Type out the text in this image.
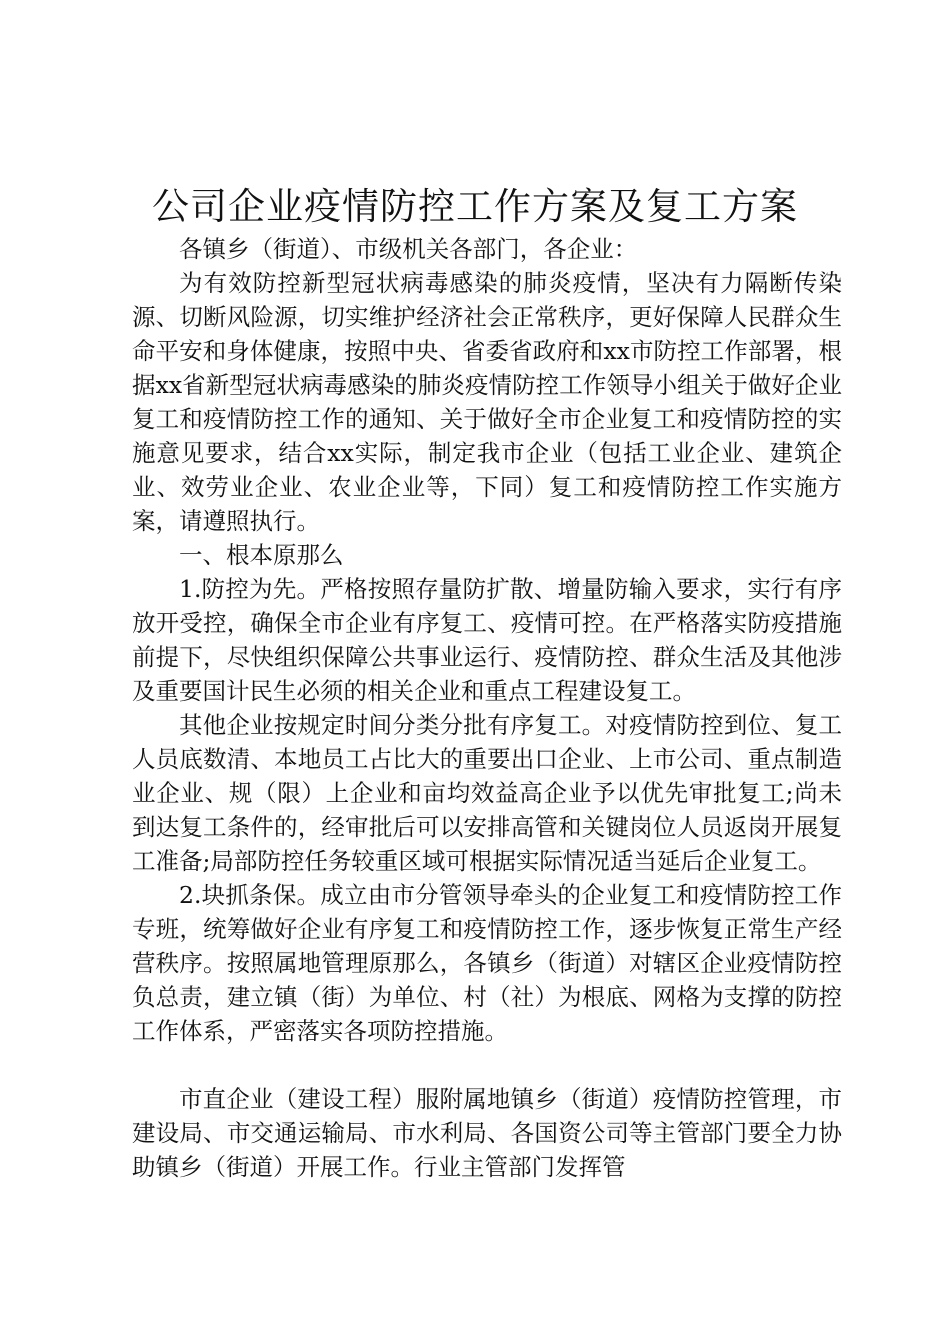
公司企业疫情防控工作方案及复工方案

各镇乡（街道）、市级机关各部门，各企业：

为有效防控新型冠状病毒感染的肺炎疫情，坚决有力隔断传染源、切断风险源，切实维护经济社会正常秩序，更好保障人民群众生命平安和身体健康，按照中央、省委省政府和xx市防控工作部署，根据xx省新型冠状病毒感染的肺炎疫情防控工作领导小组关于做好企业复工和疫情防控工作的通知、关于做好全市企业复工和疫情防控的实施意见要求，结合xx实际，制定我市企业（包括工业企业、建筑企业、效劳业企业、农业企业等，下同）复工和疫情防控工作实施方案，请遵照执行。

一、根本原那么

1.防控为先。严格按照存量防扩散、增量防输入要求，实行有序放开受控，确保全市企业有序复工、疫情可控。在严格落实防疫措施前提下，尽快组织保障公共事业运行、疫情防控、群众生活及其他涉及重要国计民生必须的相关企业和重点工程建设复工。

其他企业按规定时间分类分批有序复工。对疫情防控到位、复工人员底数清、本地员工占比大的重要出口企业、上市公司、重点制造业企业、规（限）上企业和亩均效益高企业予以优先审批复工;尚未到达复工条件的，经审批后可以安排高管和关键岗位人员返岗开展复工准备;局部防控任务较重区域可根据实际情况适当延后企业复工。

2.块抓条保。成立由市分管领导牵头的企业复工和疫情防控工作专班，统筹做好企业有序复工和疫情防控工作，逐步恢复正常生产经营秩序。按照属地管理原那么，各镇乡（街道）对辖区企业疫情防控负总责，建立镇（街）为单位、村（社）为根底、网格为支撑的防控工作体系，严密落实各项防控措施。

市直企业（建设工程）服附属地镇乡（街道）疫情防控管理，市建设局、市交通运输局、市水利局、各国资公司等主管部门要全力协助镇乡（街道）开展工作。行业主管部门发挥管
